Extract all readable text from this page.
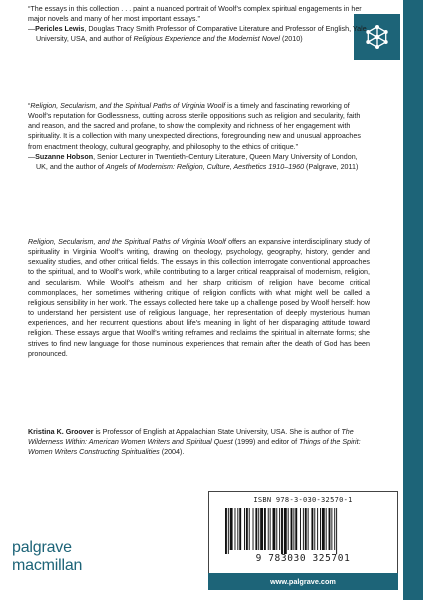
“The essays in this collection . . . paint a nuanced portrait of Woolf’s complex spiritual engagements in her major novels and many of her most important essays.”

—Pericles Lewis, Douglas Tracy Smith Professor of Comparative Literature and Professor of English, Yale University, USA, and author of Religious Experience and the Modernist Novel (2010)

“Religion, Secularism, and the Spiritual Paths of Virginia Woolf is a timely and fascinating reworking of Woolf’s reputation for Godlessness, cutting across sterile oppositions such as religion and secularity, faith and reason, and the sacred and profane, to show the complexity and richness of her engagement with spirituality. It is a collection with many unexpected directions, foregrounding new and unusual approaches from enactment theology, cultural geography, and philosophy to the ethics of critique.”

—Suzanne Hobson, Senior Lecturer in Twentieth-Century Literature, Queen Mary University of London, UK, and the author of Angels of Modernism: Religion, Culture, Aesthetics 1910–1960 (Palgrave, 2011)

Religion, Secularism, and the Spiritual Paths of Virginia Woolf offers an expansive interdisciplinary study of spirituality in Virginia Woolf’s writing, drawing on theology, psychology, geography, history, gender and sexuality studies, and other critical fields. The essays in this collection interrogate conventional approaches to the spiritual, and to Woolf’s work, while contributing to a larger critical reappraisal of modernism, religion, and secularism. While Woolf’s atheism and her sharp criticism of religion have become critical commonplaces, her sometimes withering critique of religion conflicts with what might well be called a religious sensibility in her work. The essays collected here take up a challenge posed by Woolf herself: how to understand her persistent use of religious language, her representation of deeply mysterious human experiences, and her recurrent questions about life’s meaning in light of her disparaging attitude toward religion. These essays argue that Woolf’s writing reframes and reclaims the spiritual in alternate forms; she strives to find new language for those numinous experiences that remain after the death of God has been pronounced.

Kristina K. Groover is Professor of English at Appalachian State University, USA. She is author of The Wilderness Within: American Women Writers and Spiritual Quest (1999) and editor of Things of the Spirit: Women Writers Constructing Spiritualities (2004).

ISBN 978-3-030-32570-1
9 783030 325701
www.palgrave.com
palgrave
macmillan
